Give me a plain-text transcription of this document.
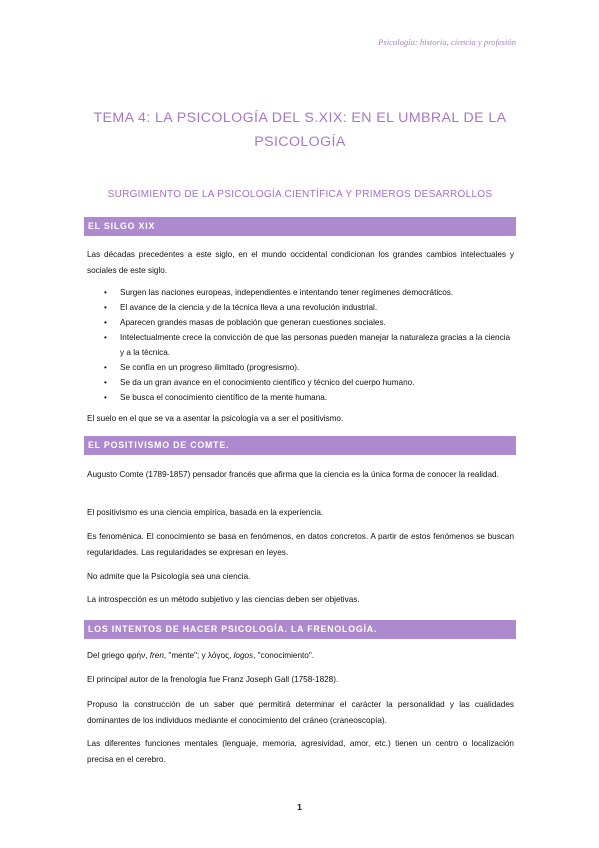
Psicología: historia, ciencia y profesión
TEMA 4: LA PSICOLOGÍA DEL S.XIX: EN EL UMBRAL DE LA PSICOLOGÍA
SURGIMIENTO DE LA PSICOLOGÍA CIENTÍFICA Y PRIMEROS DESARROLLOS
EL SILGO XIX
Las décadas precedentes a este siglo, en el mundo occidental condicionan los grandes cambios intelectuales y sociales de este siglo.
• Surgen las naciones europeas, independientes e intentando tener regímenes democráticos.
• El avance de la ciencia y de la técnica lleva a una revolución industrial.
• Aparecen grandes masas de población que generan cuestiones sociales.
• Intelectualmente crece la convicción de que las personas pueden manejar la naturaleza gracias a la ciencia y a la técnica.
• Se confía en un progreso ilimitado (progresismo).
• Se da un gran avance en el conocimiento científico y técnico del cuerpo humano.
• Se busca el conocimiento científico de la mente humana.
El suelo en el que se va a asentar la psicología va a ser el positivismo.
EL POSITIVISMO DE COMTE.
Augusto Comte (1789-1857) pensador francés que afirma que la ciencia es la única forma de conocer la realidad.
El positivismo es una ciencia empírica, basada en la experiencia.
Es fenoménica. El conocimiento se basa en fenómenos, en datos concretos. A partir de estos fenómenos se buscan regularidades. Las regularidades se expresan en leyes.
No admite que la Psicología sea una ciencia.
La introspección es un método subjetivo y las ciencias deben ser objetivas.
LOS INTENTOS DE HACER PSICOLOGÍA. LA FRENOLOGÍA.
Del griego φρήν, fren, "mente"; y λόγος, logos, "conocimiento".
El principal autor de la frenología fue Franz Joseph Gall (1758-1828).
Propuso la construcción de un saber que permitirá determinar el carácter la personalidad y las cualidades dominantes de los individuos mediante el conocimiento del cráneo (craneoscopía).
Las diferentes funciones mentales (lenguaje, memoria, agresividad, amor, etc.) tienen un centro o localización precisa en el cerebro.
1
